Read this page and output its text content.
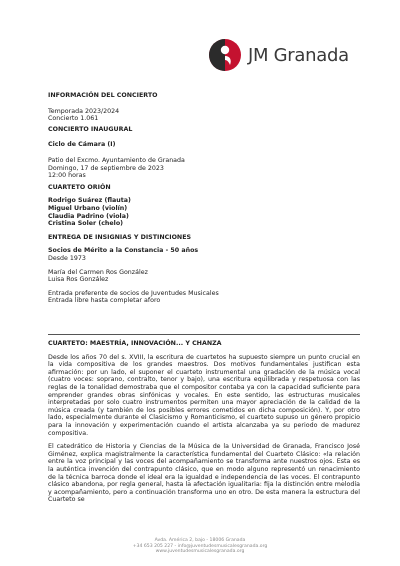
JM Granada

INFORMACIÓN DEL CONCIERTO

Temporada 2023/2024

Concierto 1.061

CONCIERTO INAUGURAL

Ciclo de Cámara (I)

Patio del Excmo. Ayuntamiento de Granada

Domingo, 17 de septiembre de 2023

12:00 horas

CUARTETO ORIÓN

Rodrigo Suárez (flauta)

Miguel Urbano (violín)

Claudia Padrino (viola)

Cristina Soler (chelo)

ENTREGA DE INSIGNIAS Y DISTINCIONES

Socios de Mérito a la Constancia - 50 años

Desde 1973

María del Carmen Ros González

Luisa Ros González

Entrada preferente de socios de Juventudes Musicales

Entrada libre hasta completar aforo

CUARTETO: MAESTRÍA, INNOVACIÓN... Y CHANZA

Desde los años 70 del s. XVIII, la escritura de cuartetos ha supuesto siempre un punto crucial en la vida compositiva de los grandes maestros. Dos motivos fundamentales justifican esta afirmación: por un lado, el suponer el cuarteto instrumental una gradación de la música vocal (cuatro voces: soprano, contralto, tenor y bajo), una escritura equilibrada y respetuosa con las reglas de la tonalidad demostraba que el compositor contaba ya con la capacidad suficiente para emprender grandes obras sinfónicas y vocales. En este sentido, las estructuras musicales interpretadas por solo cuatro instrumentos permiten una mayor apreciación de la calidad de la música creada (y también de los posibles errores cometidos en dicha composición). Y, por otro lado, especialmente durante el Clasicismo y Romanticismo, el cuarteto supuso un género propicio para la innovación y experimentación cuando el artista alcanzaba ya su periodo de madurez compositiva.

El catedrático de Historia y Ciencias de la Música de la Universidad de Granada, Francisco José Giménez, explica magistralmente la característica fundamental del Cuarteto Clásico: «la relación entre la voz principal y las voces del acompañamiento se transforma ante nuestros ojos. Esta es la auténtica invención del contrapunto clásico, que en modo alguno representó un renacimiento de la técnica barroca donde el ideal era la igualdad e independencia de las voces. El contrapunto clásico abandona, por regla general, hasta la afectación igualitaria: fija la distinción entre melodía y acompañamiento, pero a continuación transforma uno en otro. De esta manera la estructura del Cuarteto se

Avda. América 2, bajo - 18006 Granada

+34 653 205 227 - info@juventudesmusicalesgranada.org

www.juventudesmusicalesgranada.org
